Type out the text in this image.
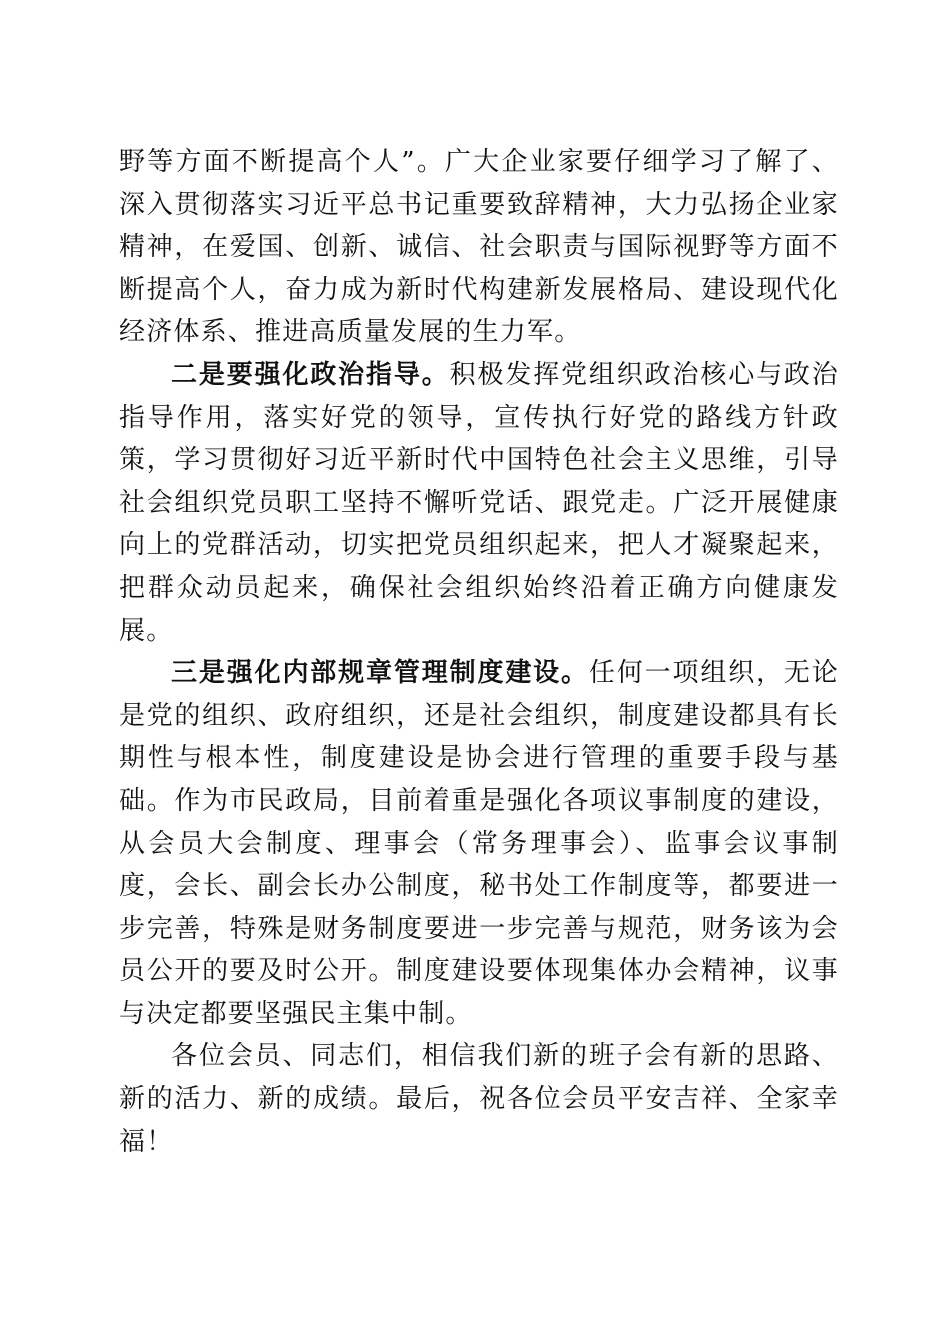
野等方面不断提高个人”。广大企业家要仔细学习了解了、深入贯彻落实习近平总书记重要致辞精神，大力弘扬企业家精神，在爱国、创新、诚信、社会职责与国际视野等方面不断提高个人，奋力成为新时代构建新发展格局、建设现代化经济体系、推进高质量发展的生力军。

二是要强化政治指导。积极发挥党组织政治核心与政治指导作用，落实好党的领导，宣传执行好党的路线方针政策，学习贯彻好习近平新时代中国特色社会主义思维，引导社会组织党员职工坚持不懈听党话、跟党走。广泛开展健康向上的党群活动，切实把党员组织起来，把人才凝聚起来，把群众动员起来，确保社会组织始终沿着正确方向健康发展。

三是强化内部规章管理制度建设。任何一项组织，无论是党的组织、政府组织，还是社会组织，制度建设都具有长期性与根本性，制度建设是协会进行管理的重要手段与基础。作为市民政局，目前着重是强化各项议事制度的建设，从会员大会制度、理事会（常务理事会）、监事会议事制度，会长、副会长办公制度，秘书处工作制度等，都要进一步完善，特殊是财务制度要进一步完善与规范，财务该为会员公开的要及时公开。制度建设要体现集体办会精神，议事与决定都要坚强民主集中制。

各位会员、同志们，相信我们新的班子会有新的思路、新的活力、新的成绩。最后，祝各位会员平安吉祥、全家幸福！
